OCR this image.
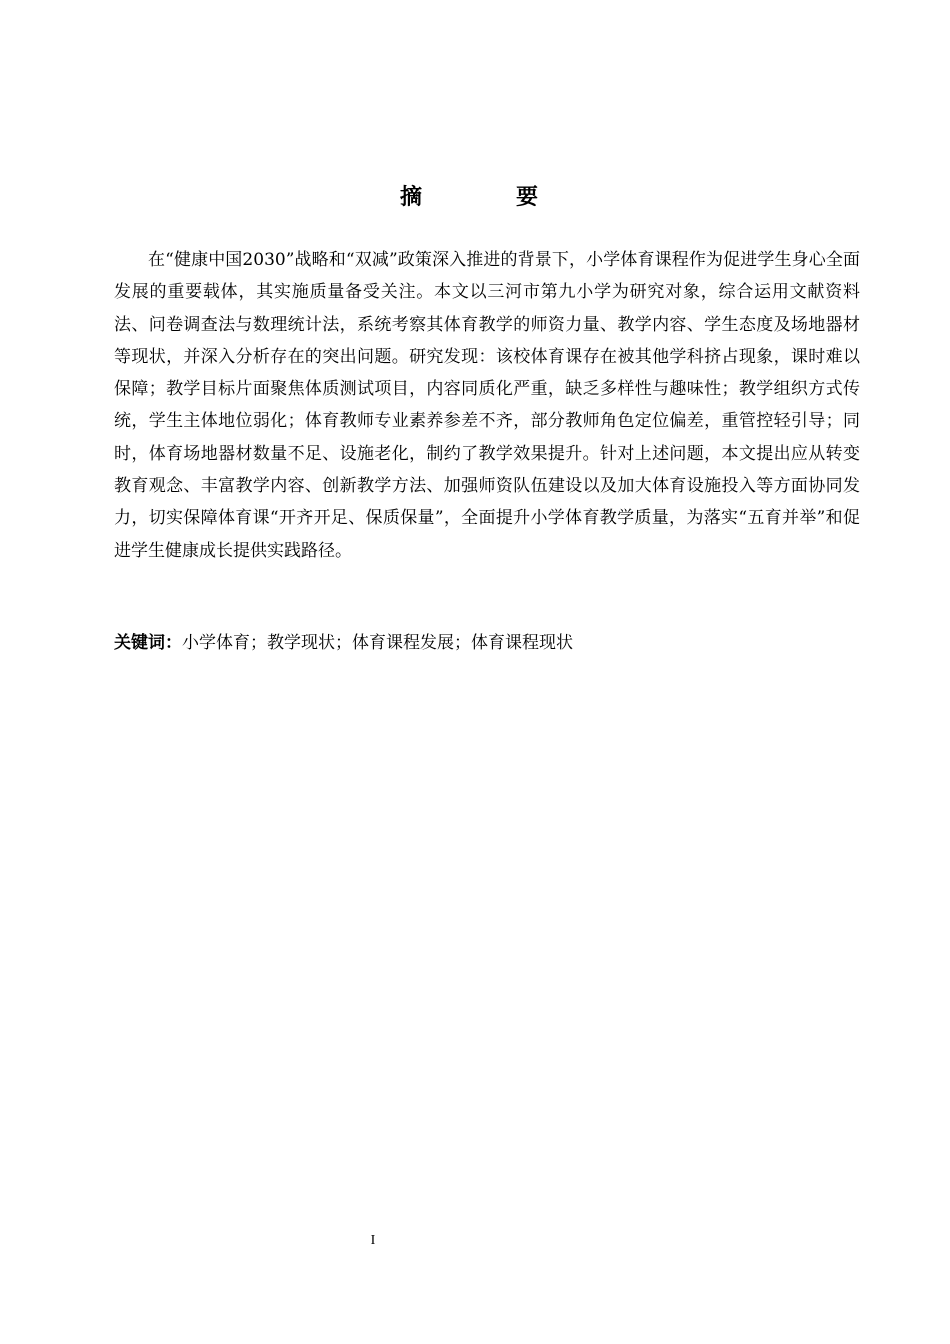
摘　要

在“健康中国2030”战略和“双减”政策深入推进的背景下，小学体育课程作为促进学生身心全面发展的重要载体，其实施质量备受关注。本文以三河市第九小学为研究对象，综合运用文献资料法、问卷调查法与数理统计法，系统考察其体育教学的师资力量、教学内容、学生态度及场地器材等现状，并深入分析存在的突出问题。研究发现：该校体育课存在被其他学科挤占现象，课时难以保障；教学目标片面聚焦体质测试项目，内容同质化严重，缺乏多样性与趣味性；教学组织方式传统，学生主体地位弱化；体育教师专业素养参差不齐，部分教师角色定位偏差，重管控轻引导；同时，体育场地器材数量不足、设施老化，制约了教学效果提升。针对上述问题，本文提出应从转变教育观念、丰富教学内容、创新教学方法、加强师资队伍建设以及加大体育设施投入等方面协同发力，切实保障体育课“开齐开足、保质保量”，全面提升小学体育教学质量，为落实“五育并举”和促进学生健康成长提供实践路径。

关键词：小学体育；教学现状；体育课程发展；体育课程现状

I
